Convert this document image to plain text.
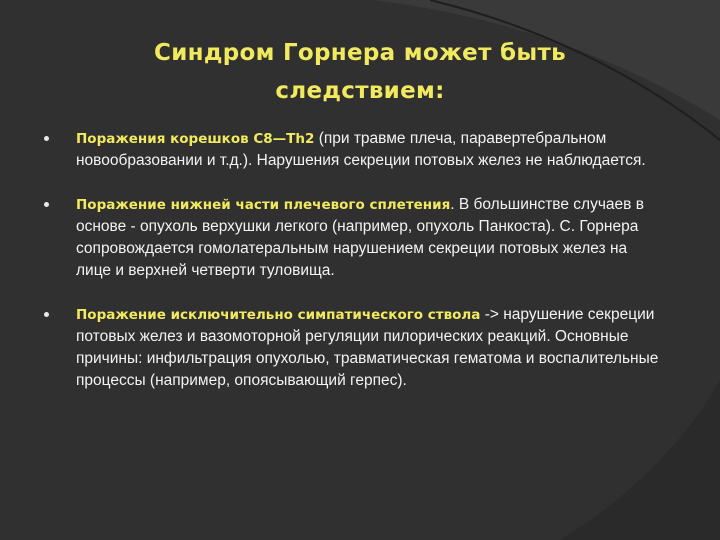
Синдром Горнера может быть
следствием:
Поражения корешков C8—Th2 (при травме плеча, паравертебральном новообразовании и т.д.). Нарушения секреции потовых желез не наблюдается.
Поражение нижней части плечевого сплетения. В большинстве случаев в основе - опухоль верхушки легкого (например, опухоль Панкоста). С. Горнера сопровождается гомолатеральным нарушением секреции потовых желез на лице и верхней четверти туловища.
Поражение исключительно симпатического ствола -> нарушение секреции потовых желез и вазомоторной регуляции пилорических реакций. Основные причины: инфильтрация опухолью, травматическая гематома и воспалительные процессы (например, опоясывающий герпес).
